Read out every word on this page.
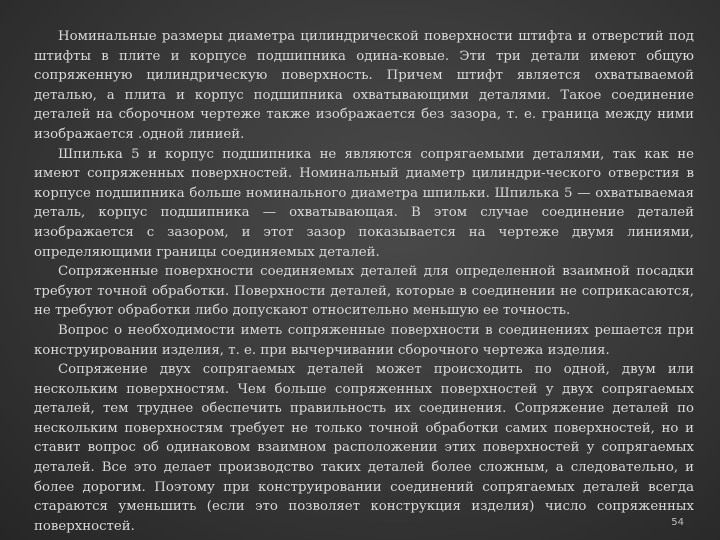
Номинальные размеры диаметра цилиндрической поверхности штифта и отверстий под штифты в плите и корпусе подшипника одина-ковые. Эти три детали имеют общую сопряженную цилиндрическую поверхность. Причем штифт является охватываемой деталью, а плита и корпус подшипника охватывающими деталями. Такое соединение деталей на сборочном чертеже также изображается без зазора, т. е. граница между ними изображается .одной линией.

Шпилька 5 и корпус подшипника не являются сопрягаемыми деталями, так как не имеют сопряженных поверхностей. Номинальный диаметр цилиндри-ческого отверстия в корпусе подшипника больше номинального диаметра шпильки. Шпилька 5 — охватываемая деталь, корпус подшипника — охватывающая. В этом случае соединение деталей изображается с зазором, и этот зазор показывается на чертеже двумя линиями, определяющими границы соединяемых деталей.

Сопряженные поверхности соединяемых деталей для определенной взаимной посадки требуют точной обработки. Поверхности деталей, которые в соединении не соприкасаются, не требуют обработки либо допускают относительно меньшую ее точность.

Вопрос о необходимости иметь сопряженные поверхности в соединениях решается при конструировании изделия, т. е. при вычерчивании сборочного чертежа изделия.

Сопряжение двух сопрягаемых деталей может происходить по одной, двум или нескольким поверхностям. Чем больше сопряженных поверхностей у двух сопрягаемых деталей, тем труднее обеспечить правильность их соединения. Сопряжение деталей по нескольким поверхностям требует не только точной обработки самих поверхностей, но и ставит вопрос об одинаковом взаимном расположении этих поверхностей у сопрягаемых деталей. Все это делает производство таких деталей более сложным, а следовательно, и более дорогим. Поэтому при конструировании соединений сопрягаемых деталей всегда стараются уменьшить (если это позволяет конструкция изделия) число сопряженных поверхностей.	54
